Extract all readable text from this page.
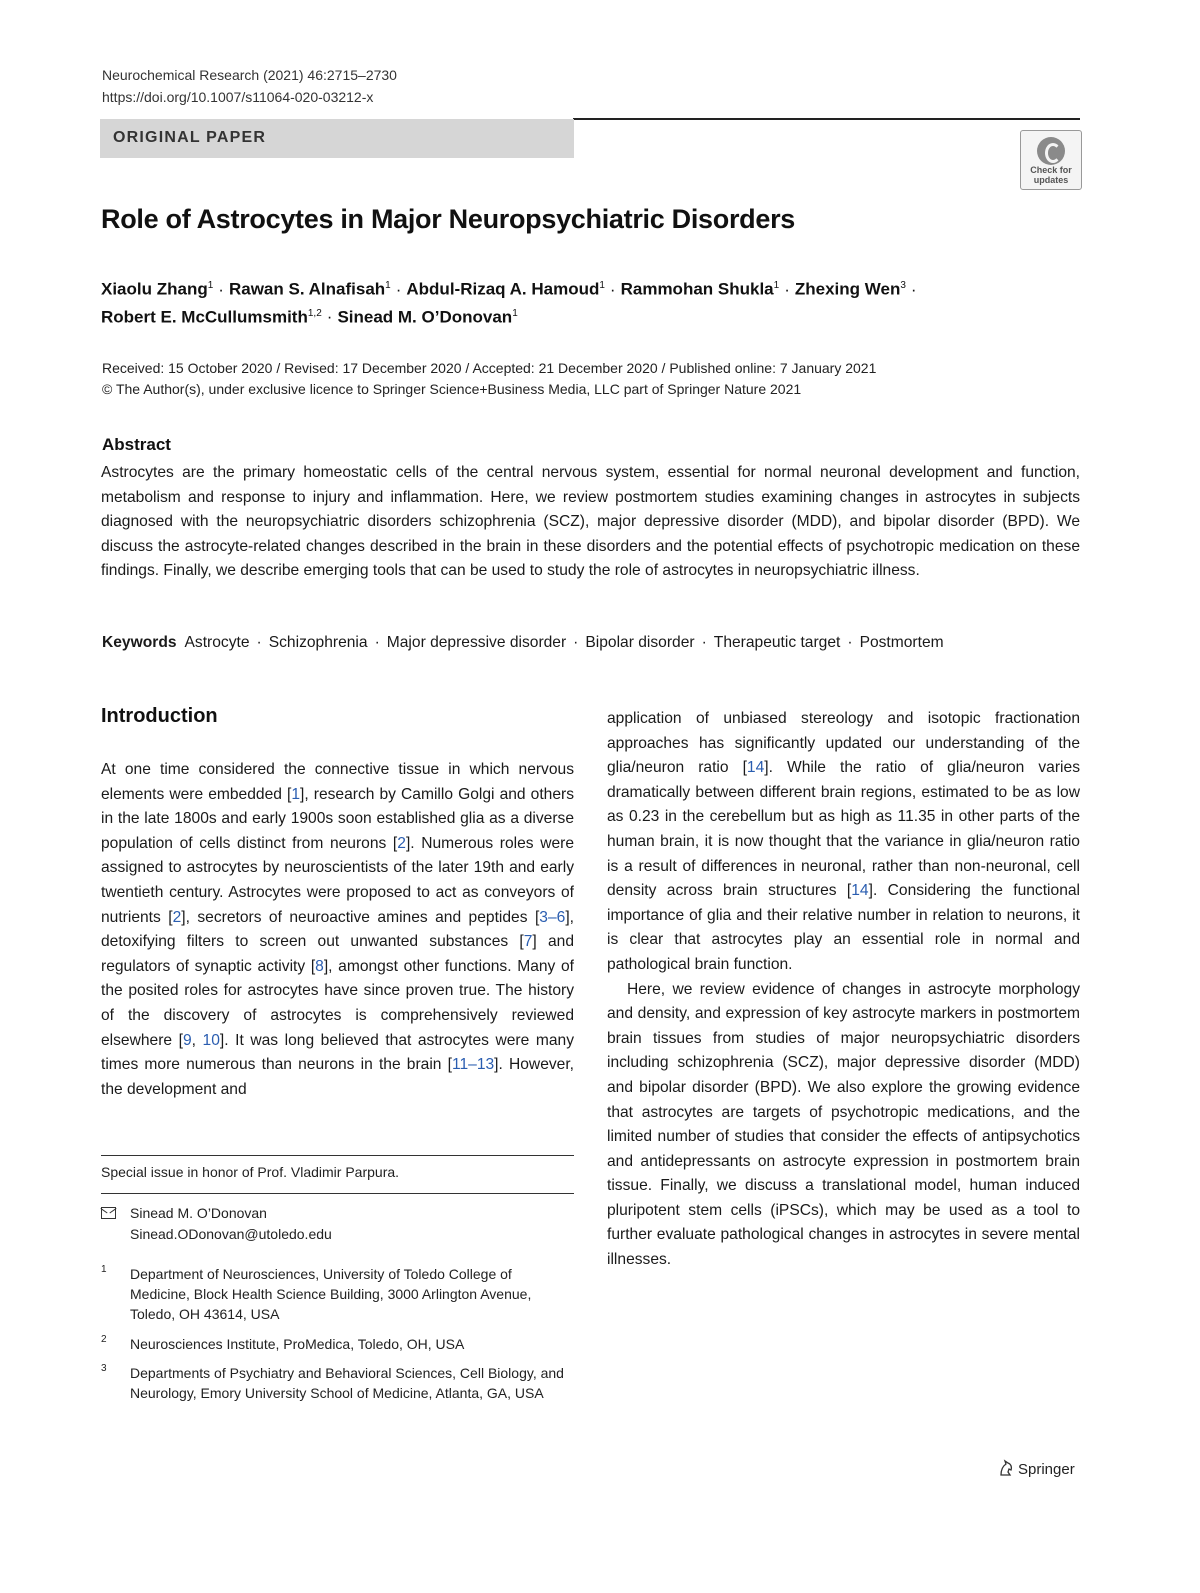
Neurochemical Research (2021) 46:2715–2730
https://doi.org/10.1007/s11064-020-03212-x
ORIGINAL PAPER
Check for updates
Role of Astrocytes in Major Neuropsychiatric Disorders
Xiaolu Zhang$^1$ · Rawan S. Alnafisah$^1$ · Abdul-Rizaq A. Hamoud$^1$ · Rammohan Shukla$^1$ · Zhexing Wen$^3$ ·
Robert E. McCullumsmith$^{1,2}$ · Sinead M. O’Donovan$^1$
Received: 15 October 2020 / Revised: 17 December 2020 / Accepted: 21 December 2020 / Published online: 7 January 2021
© The Author(s), under exclusive licence to Springer Science+Business Media, LLC part of Springer Nature 2021
Abstract
Astrocytes are the primary homeostatic cells of the central nervous system, essential for normal neuronal development and function, metabolism and response to injury and inflammation. Here, we review postmortem studies examining changes in astrocytes in subjects diagnosed with the neuropsychiatric disorders schizophrenia (SCZ), major depressive disorder (MDD), and bipolar disorder (BPD). We discuss the astrocyte-related changes described in the brain in these disorders and the potential effects of psychotropic medication on these findings. Finally, we describe emerging tools that can be used to study the role of astrocytes in neuropsychiatric illness.
Keywords Astrocyte · Schizophrenia · Major depressive disorder · Bipolar disorder · Therapeutic target · Postmortem
Introduction

At one time considered the connective tissue in which nervous elements were embedded [1], research by Camillo Golgi and others in the late 1800s and early 1900s soon established glia as a diverse population of cells distinct from neurons [2]. Numerous roles were assigned to astrocytes by neuroscientists of the later 19th and early twentieth century. Astrocytes were proposed to act as conveyors of nutrients [2], secretors of neuroactive amines and peptides [3–6], detoxifying filters to screen out unwanted substances [7] and regulators of synaptic activity [8], amongst other functions. Many of the posited roles for astrocytes have since proven true. The history of the discovery of astrocytes is comprehensively reviewed elsewhere [9, 10]. It was long believed that astrocytes were many times more numerous than neurons in the brain [11–13]. However, the development and

application of unbiased stereology and isotopic fractionation approaches has significantly updated our understanding of the glia/neuron ratio [14]. While the ratio of glia/neuron varies dramatically between different brain regions, estimated to be as low as 0.23 in the cerebellum but as high as 11.35 in other parts of the human brain, it is now thought that the variance in glia/neuron ratio is a result of differences in neuronal, rather than non-neuronal, cell density across brain structures [14]. Considering the functional importance of glia and their relative number in relation to neurons, it is clear that astrocytes play an essential role in normal and pathological brain function.

Here, we review evidence of changes in astrocyte morphology and density, and expression of key astrocyte markers in postmortem brain tissues from studies of major neuropsychiatric disorders including schizophrenia (SCZ), major depressive disorder (MDD) and bipolar disorder (BPD). We also explore the growing evidence that astrocytes are targets of psychotropic medications, and the limited number of studies that consider the effects of antipsychotics and antidepressants on astrocyte expression in postmortem brain tissue. Finally, we discuss a translational model, human induced pluripotent stem cells (iPSCs), which may be used as a tool to further evaluate pathological changes in astrocytes in severe mental illnesses.

Special issue in honor of Prof. Vladimir Parpura.
Sinead M. O’Donovan
Sinead.ODonovan@utoledo.edu
1 Department of Neurosciences, University of Toledo College of Medicine, Block Health Science Building, 3000 Arlington Avenue, Toledo, OH 43614, USA
2 Neurosciences Institute, ProMedica, Toledo, OH, USA
3 Departments of Psychiatry and Behavioral Sciences, Cell Biology, and Neurology, Emory University School of Medicine, Atlanta, GA, USA
Springer
